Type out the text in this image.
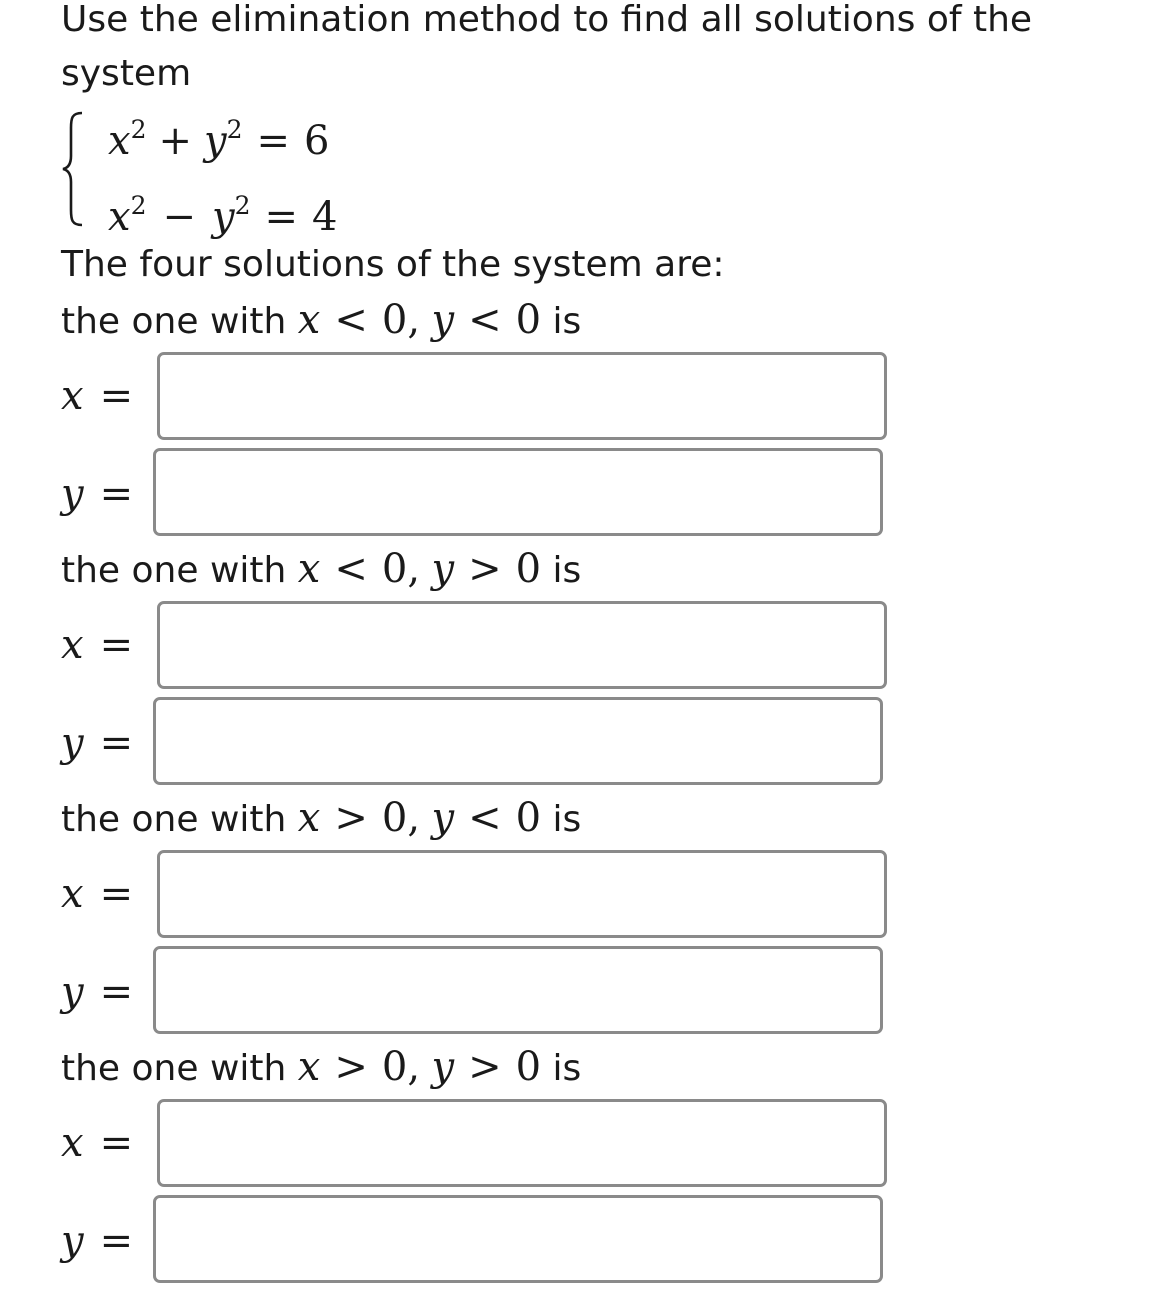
Use the elimination method to find all solutions of the
system
$x^2 + y^2 = 6$
$x^2 - y^2 = 4$
The four solutions of the system are:
the one with x < 0, y < 0 is
x =
y =
the one with x < 0, y > 0 is
x =
y =
the one with x > 0, y < 0 is
x =
y =
the one with x > 0, y > 0 is
x =
y =
